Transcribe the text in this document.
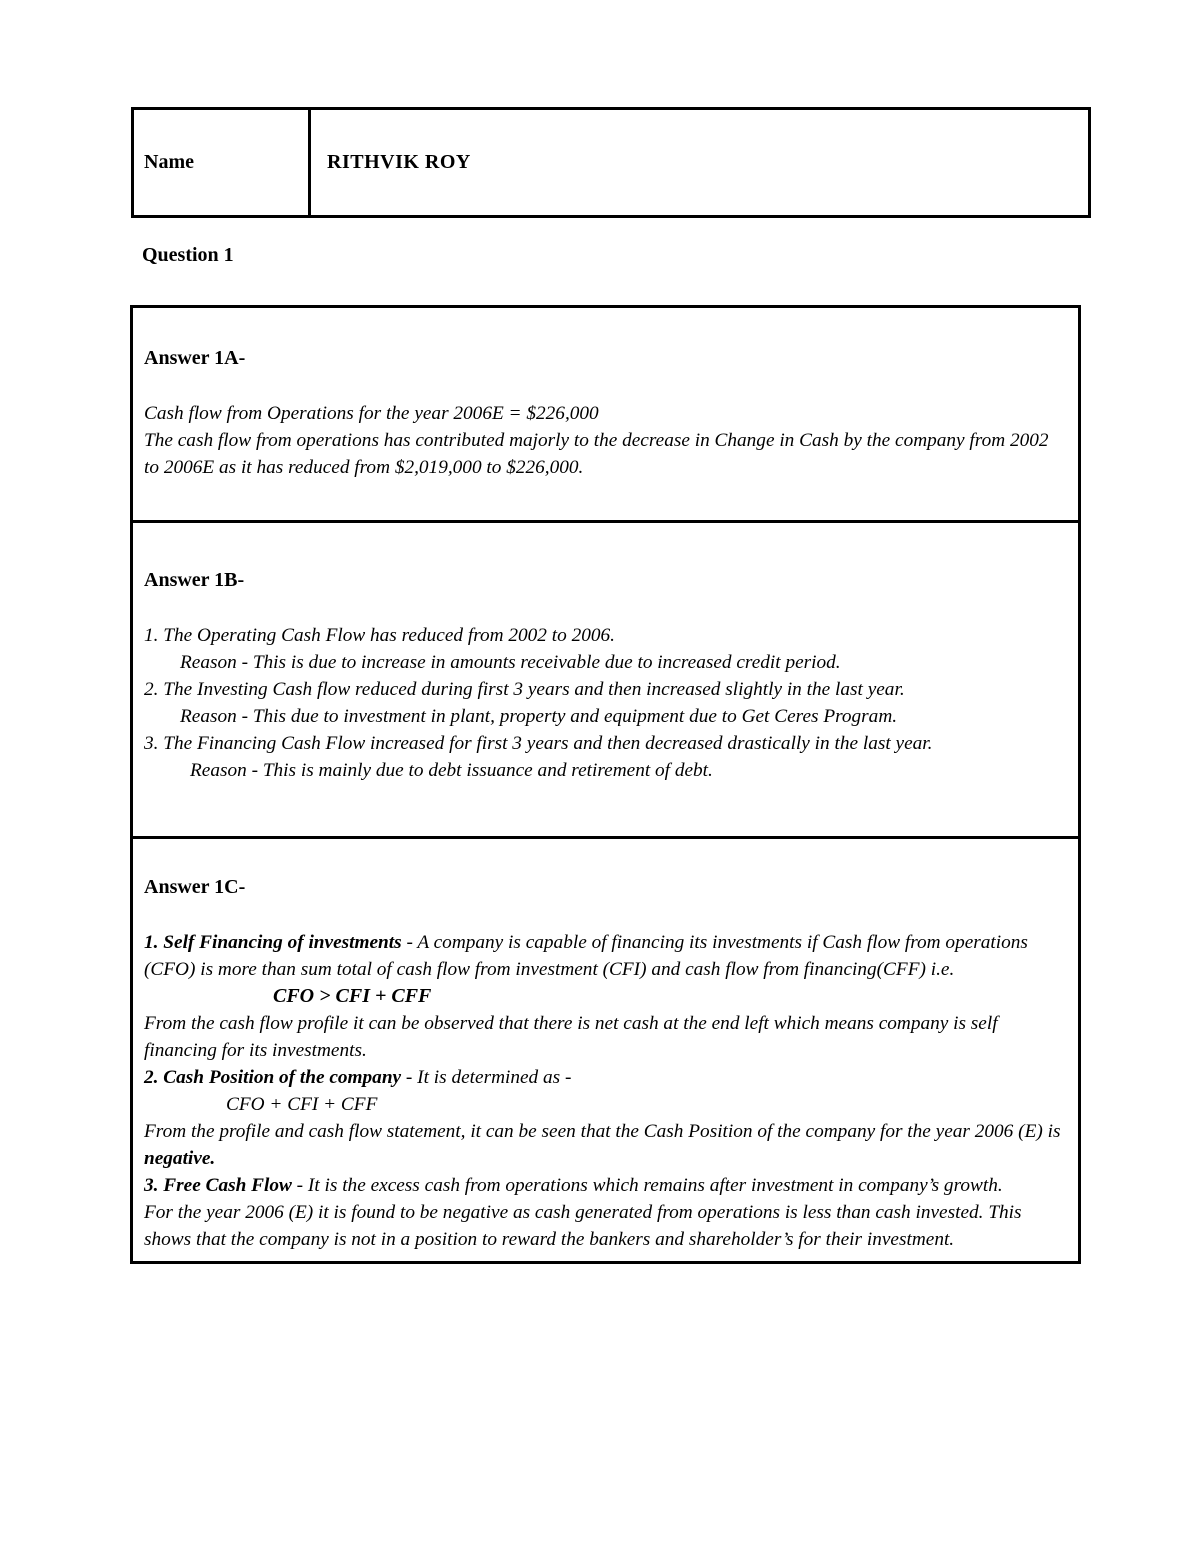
Name	RITHVIK ROY
Question 1
Answer 1A-

Cash flow from Operations for the year 2006E = $226,000

The cash flow from operations has contributed majorly to the decrease in Change in Cash by the company from 2002 to 2006E as it has reduced from $2,019,000 to $226,000.

Answer 1B-

1. The Operating Cash Flow has reduced from 2002 to 2006.

Reason - This is due to increase in amounts receivable due to increased credit period.

2. The Investing Cash flow reduced during first 3 years and then increased slightly in the last year.

Reason - This due to investment in plant, property and equipment due to Get Ceres Program.

3. The Financing Cash Flow increased for first 3 years and then decreased drastically in the last year.

Reason - This is mainly due to debt issuance and retirement of debt.

Answer 1C-

1. Self Financing of investments - A company is capable of financing its investments if Cash flow from operations (CFO) is more than sum total of cash flow from investment (CFI) and cash flow from financing(CFF) i.e.

CFO > CFI + CFF

From the cash flow profile it can be observed that there is net cash at the end left which means company is self financing for its investments.

2. Cash Position of the company - It is determined as -

CFO + CFI + CFF

From the profile and cash flow statement, it can be seen that the Cash Position of the company for the year 2006 (E) is negative.

3. Free Cash Flow - It is the excess cash from operations which remains after investment in company’s growth.

For the year 2006 (E) it is found to be negative as cash generated from operations is less than cash invested. This shows that the company is not in a position to reward the bankers and shareholder’s for their investment.
